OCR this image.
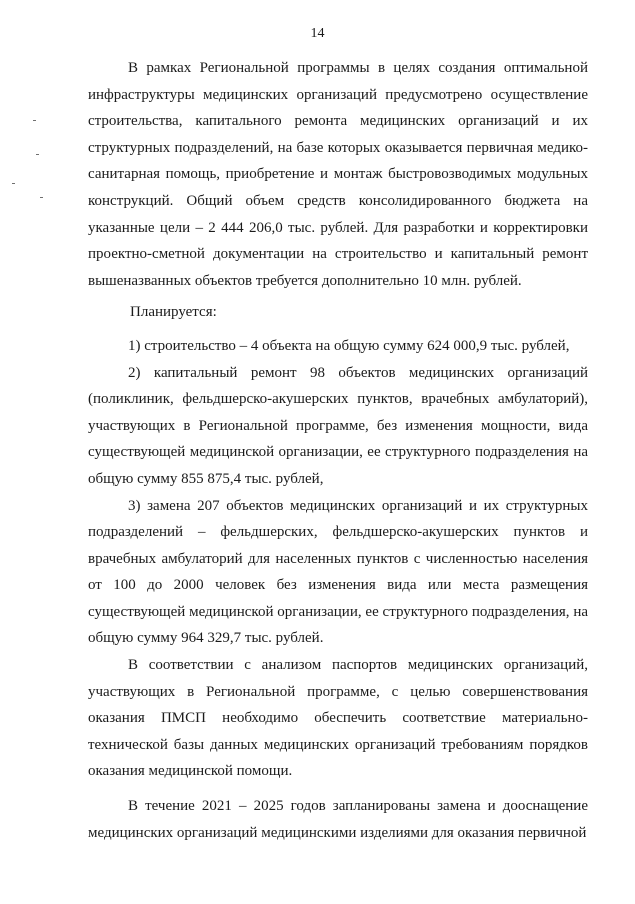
14

В рамках Региональной программы в целях создания оптимальной инфраструктуры медицинских организаций предусмотрено осуществление строительства, капитального ремонта медицинских организаций и их структурных подразделений, на базе которых оказывается первичная медико-санитарная помощь, приобретение и монтаж быстровозводимых модульных конструкций. Общий объем средств консолидированного бюджета на указанные цели – 2 444 206,0 тыс. рублей. Для разработки и корректировки проектно-сметной документации на строительство и капитальный ремонт вышеназванных объектов требуется дополнительно 10 млн. рублей.

Планируется:

1) строительство – 4 объекта на общую сумму 624 000,9 тыс. рублей,

2) капитальный ремонт 98 объектов медицинских организаций (поликлиник, фельдшерско-акушерских пунктов, врачебных амбулаторий), участвующих в Региональной программе, без изменения мощности, вида существующей медицинской организации, ее структурного подразделения на общую сумму 855 875,4 тыс. рублей,

3) замена 207 объектов медицинских организаций и их структурных подразделений – фельдшерских, фельдшерско-акушерских пунктов и врачебных амбулаторий для населенных пунктов с численностью населения от 100 до 2000 человек без изменения вида или места размещения существующей медицинской организации, ее структурного подразделения, на общую сумму 964 329,7 тыс. рублей.

В соответствии с анализом паспортов медицинских организаций, участвующих в Региональной программе, с целью совершенствования оказания ПМСП необходимо обеспечить соответствие материально-технической базы данных медицинских организаций требованиям порядков оказания медицинской помощи.

В течение 2021 – 2025 годов запланированы замена и дооснащение медицинских организаций медицинскими изделиями для оказания первичной
